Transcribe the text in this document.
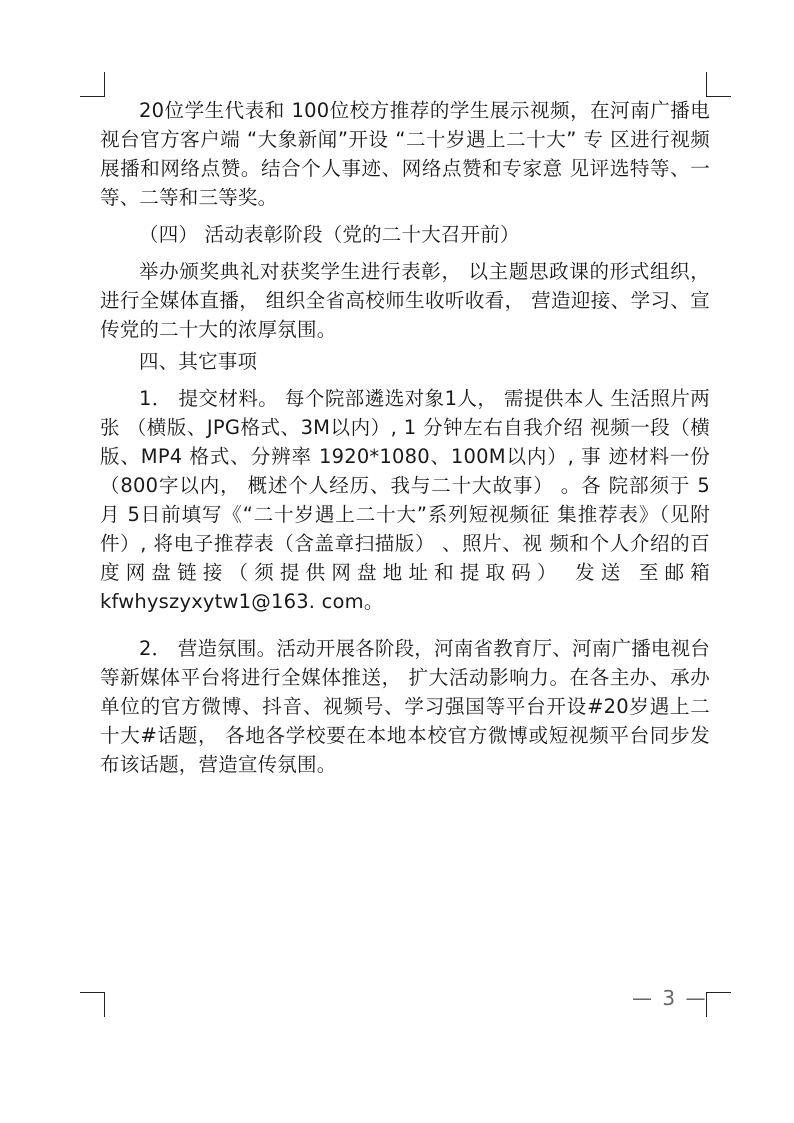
20位学生代表和 100位校方推荐的学生展示视频，在河南广播电视台官方客户端 “大象新闻”开设 “二十岁遇上二十大” 专 区进行视频展播和网络点赞。结合个人事迹、网络点赞和专家意 见评选特等、一等、二等和三等奖。

（四） 活动表彰阶段（党的二十大召开前）

举办颁奖典礼对获奖学生进行表彰， 以主题思政课的形式组织， 进行全媒体直播， 组织全省高校师生收听收看， 营造迎接、学习、宣传党的二十大的浓厚氛围。

四、其它事项

1． 提交材料。 每个院部遴选对象1人， 需提供本人 生活照片两张 （横版、JPG格式、3M以内）, 1 分钟左右自我介绍 视频一段（横版、MP4 格式、分辨率 1920*1080、100M以内）, 事 迹材料一份 （800字以内， 概述个人经历、我与二十大故事） 。各 院部须于 5 月 5日前填写《“二十岁遇上二十大”系列短视频征 集推荐表》（见附件）, 将电子推荐表（含盖章扫描版） 、照片、视 频和个人介绍的百度网盘链接（须提供网盘地址和提取码） 发送 至邮箱 kfwhyszyxytw1@163. com。

2． 营造氛围。活动开展各阶段，河南省教育厅、河南广播电视台等新媒体平台将进行全媒体推送， 扩大活动影响力。在各主办、承办单位的官方微博、抖音、视频号、学习强国等平台开设#20岁遇上二十大#话题， 各地各学校要在本地本校官方微博或短视频平台同步发布该话题，营造宣传氛围。

— 3 —
